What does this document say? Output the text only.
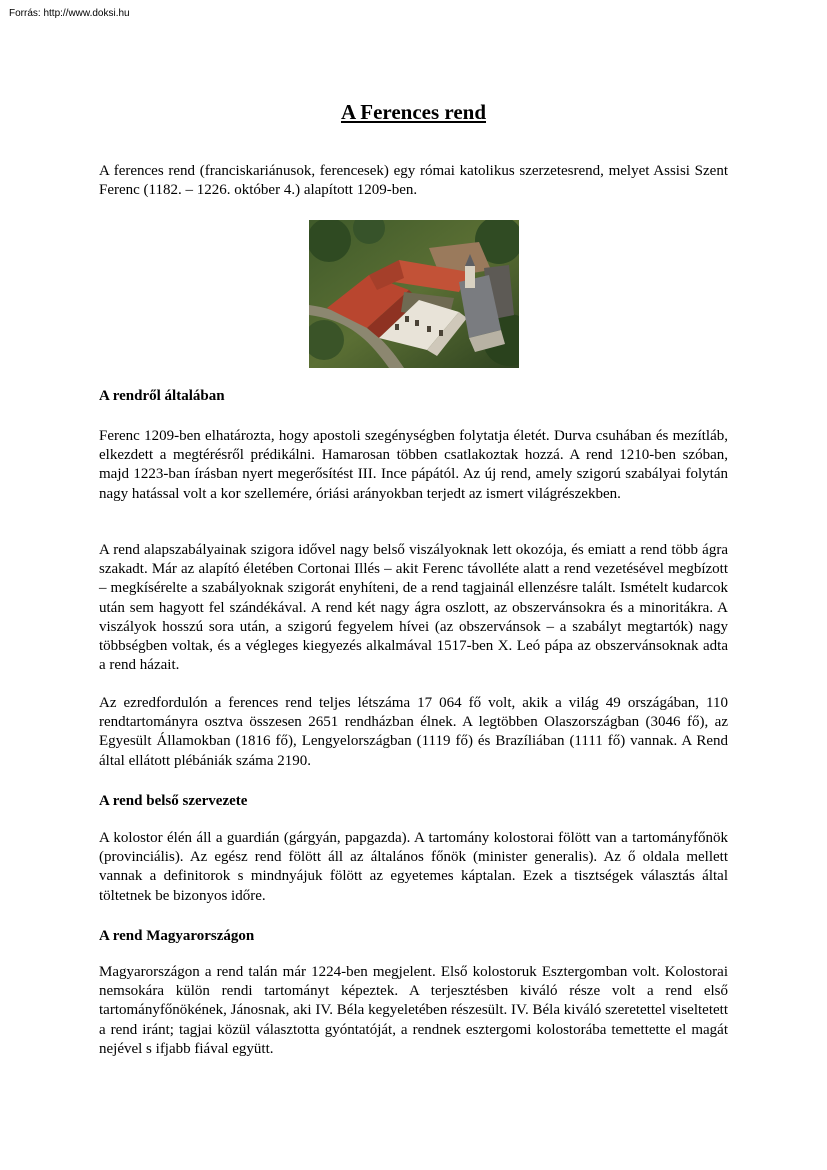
Forrás: http://www.doksi.hu
A Ferences rend

A ferences rend (franciskariánusok, ferencesek) egy római katolikus szerzetesrend, melyet Assisi Szent Ferenc (1182. – 1226. október 4.) alapított 1209-ben.

A rendről általában

Ferenc 1209-ben elhatározta, hogy apostoli szegénységben folytatja életét. Durva csuhában és mezítláb, elkezdett a megtérésről prédikálni. Hamarosan többen csatlakoztak hozzá. A rend 1210-ben szóban, majd 1223-ban írásban nyert megerősítést III. Ince pápától. Az új rend, amely szigorú szabályai folytán nagy hatással volt a kor szellemére, óriási arányokban terjedt az ismert világrészekben.

A rend alapszabályainak szigora idővel nagy belső viszályoknak lett okozója, és emiatt a rend több ágra szakadt. Már az alapító életében Cortonai Illés – akit Ferenc távolléte alatt a rend vezetésével megbízott – megkísérelte a szabályoknak szigorát enyhíteni, de a rend tagjainál ellenzésre talált. Ismételt kudarcok után sem hagyott fel szándékával. A rend két nagy ágra oszlott, az obszervánsokra és a minoritákra. A viszályok hosszú sora után, a szigorú fegyelem hívei (az obszervánsok – a szabályt megtartók) nagy többségben voltak, és a végleges kiegyezés alkalmával 1517-ben X. Leó pápa az obszervánsoknak adta a rend házait.

Az ezredfordulón a ferences rend teljes létszáma 17 064 fő volt, akik a világ 49 országában, 110 rendtartományra osztva összesen 2651 rendházban élnek. A legtöbben Olaszországban (3046 fő), az Egyesült Államokban (1816 fő), Lengyelországban (1119 fő) és Brazíliában (1111 fő) vannak. A Rend által ellátott plébániák száma 2190.

A rend belső szervezete

A kolostor élén áll a guardián (gárgyán, papgazda). A tartomány kolostorai fölött van a tartományfőnök (provinciális). Az egész rend fölött áll az általános főnök (minister generalis). Az ő oldala mellett vannak a definitorok s mindnyájuk fölött az egyetemes káptalan. Ezek a tisztségek választás által töltetnek be bizonyos időre.

A rend Magyarországon

Magyarországon a rend talán már 1224-ben megjelent. Első kolostoruk Esztergomban volt. Kolostorai nemsokára külön rendi tartományt képeztek. A terjesztésben kiváló része volt a rend első tartományfőnökének, Jánosnak, aki IV. Béla kegyeletében részesült. IV. Béla kiváló szeretettel viseltetett a rend iránt; tagjai közül választotta gyóntatóját, a rendnek esztergomi kolostorába temettette el magát nejével s ifjabb fiával együtt.
